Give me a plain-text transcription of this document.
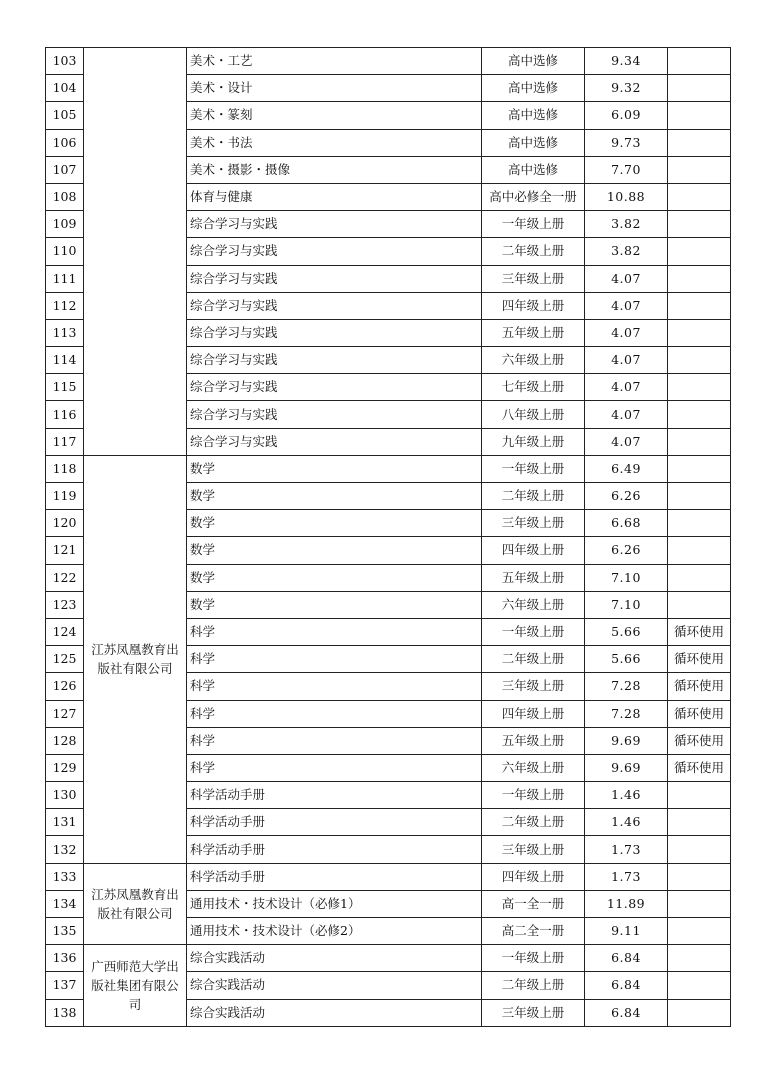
103		美术・工艺	高中选修	9.34	
104		美术・设计	高中选修	9.32	
105		美术・篆刻	高中选修	6.09	
106		美术・书法	高中选修	9.73	
107		美术・摄影・摄像	高中选修	7.70	
108		体育与健康	高中必修全一册	10.88	
109		综合学习与实践	一年级上册	3.82	
110		综合学习与实践	二年级上册	3.82	
111		综合学习与实践	三年级上册	4.07	
112		综合学习与实践	四年级上册	4.07	
113		综合学习与实践	五年级上册	4.07	
114		综合学习与实践	六年级上册	4.07	
115		综合学习与实践	七年级上册	4.07	
116		综合学习与实践	八年级上册	4.07	
117		综合学习与实践	九年级上册	4.07	
118	江苏凤凰教育出版社有限公司	数学	一年级上册	6.49	
119		数学	二年级上册	6.26	
120		数学	三年级上册	6.68	
121		数学	四年级上册	6.26	
122		数学	五年级上册	7.10	
123		数学	六年级上册	7.10	
124		科学	一年级上册	5.66	循环使用
125		科学	二年级上册	5.66	循环使用
126		科学	三年级上册	7.28	循环使用
127		科学	四年级上册	7.28	循环使用
128		科学	五年级上册	9.69	循环使用
129		科学	六年级上册	9.69	循环使用
130		科学活动手册	一年级上册	1.46	
131		科学活动手册	二年级上册	1.46	
132		科学活动手册	三年级上册	1.73	
133	江苏凤凰教育出版社有限公司	科学活动手册	四年级上册	1.73	
134		通用技术・技术设计（必修1）	高一全一册	11.89	
135		通用技术・技术设计（必修2）	高二全一册	9.11	
136	广西师范大学出版社集团有限公司	综合实践活动	一年级上册	6.84	
137		综合实践活动	二年级上册	6.84	
138		综合实践活动	三年级上册	6.84	
